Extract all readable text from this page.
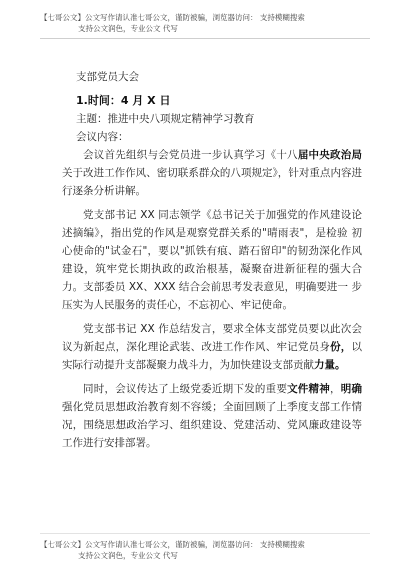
【七哥公文】公文写作请认准七哥公文，谨防被骗，浏览器访问： 支持模糊搜索
支持公文润色，专业公文 代写

支部党员大会

1.时间：4 月 X 日

主题：推进中央八项规定精神学习教育

会议内容：

会议首先组织与会党员进一步认真学习《十八届中央政治局关于改进工作作风、密切联系群众的八项规定》，针对重点内容进行逐条分析讲解。

党支部书记 XX 同志领学《总书记关于加强党的作风建设论 述摘编》，指出党的作风是观察党群关系的"晴雨表"，是检验 初心使命的"试金石"，要以"抓铁有痕、踏石留印"的韧劲深化作风建设，筑牢党长期执政的政治根基，凝聚奋进新征程的强大合力。支部委员 XX、XXX 结合会前思考发表意见，明确要进一 步压实为人民服务的责任心，不忘初心、牢记使命。

党支部书记 XX 作总结发言，要求全体支部党员要以此次会 议为新起点，深化理论武装、改进工作作风、牢记党员身份，以 实际行动提升支部凝聚力战斗力，为加快建设支部贡献力量。

同时，会议传达了上级党委近期下发的重要文件精神，明确强化党员思想政治教育刻不容缓；全面回顾了上季度支部工作情况，围绕思想政治学习、组织建设、党建活动、党风廉政建设等工作进行安排部署。

【七哥公文】公文写作请认准七哥公文，谨防被骗，浏览器访问： 支持模糊搜索
支持公文润色，专业公文 代写
